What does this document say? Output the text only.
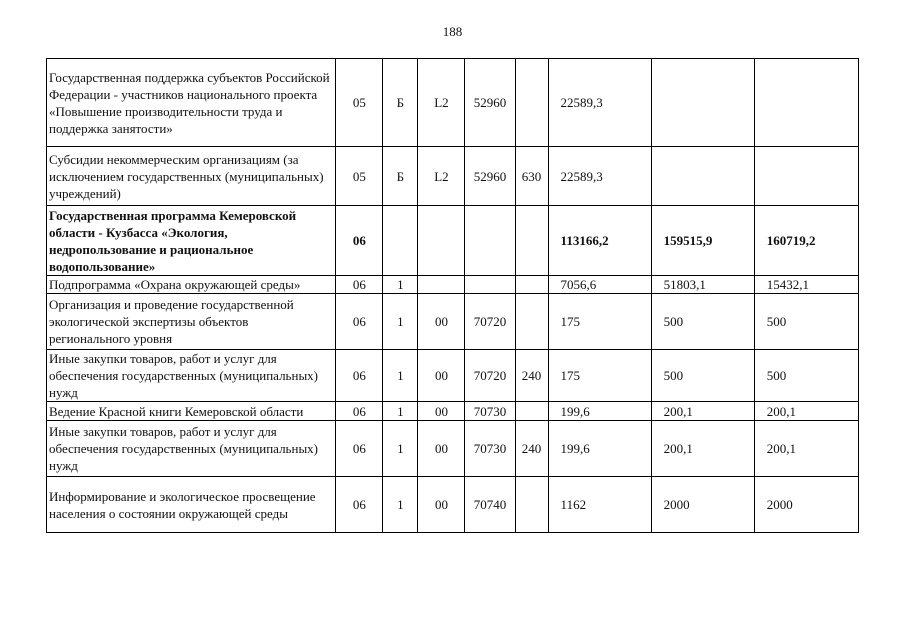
188
Государственная поддержка субъектов Российской Федерации - участников национального проекта «Повышение производительности труда и поддержка занятости»	05	Б	L2	52960		22589,3		
Субсидии некоммерческим организациям (за исключением государственных (муниципальных) учреждений)	05	Б	L2	52960	630	22589,3		
Государственная программа Кемеровской области - Кузбасса «Экология, недропользование и рациональное водопользование»	06					113166,2	159515,9	160719,2
Подпрограмма «Охрана окружающей среды»	06	1				7056,6	51803,1	15432,1
Организация и проведение государственной экологической экспертизы объектов регионального уровня	06	1	00	70720		175	500	500
Иные закупки товаров, работ и услуг для обеспечения государственных (муниципальных) нужд	06	1	00	70720	240	175	500	500
Ведение Красной книги Кемеровской области	06	1	00	70730		199,6	200,1	200,1
Иные закупки товаров, работ и услуг для обеспечения государственных (муниципальных) нужд	06	1	00	70730	240	199,6	200,1	200,1
Информирование и экологическое просвещение населения о состоянии окружающей среды	06	1	00	70740		1162	2000	2000
